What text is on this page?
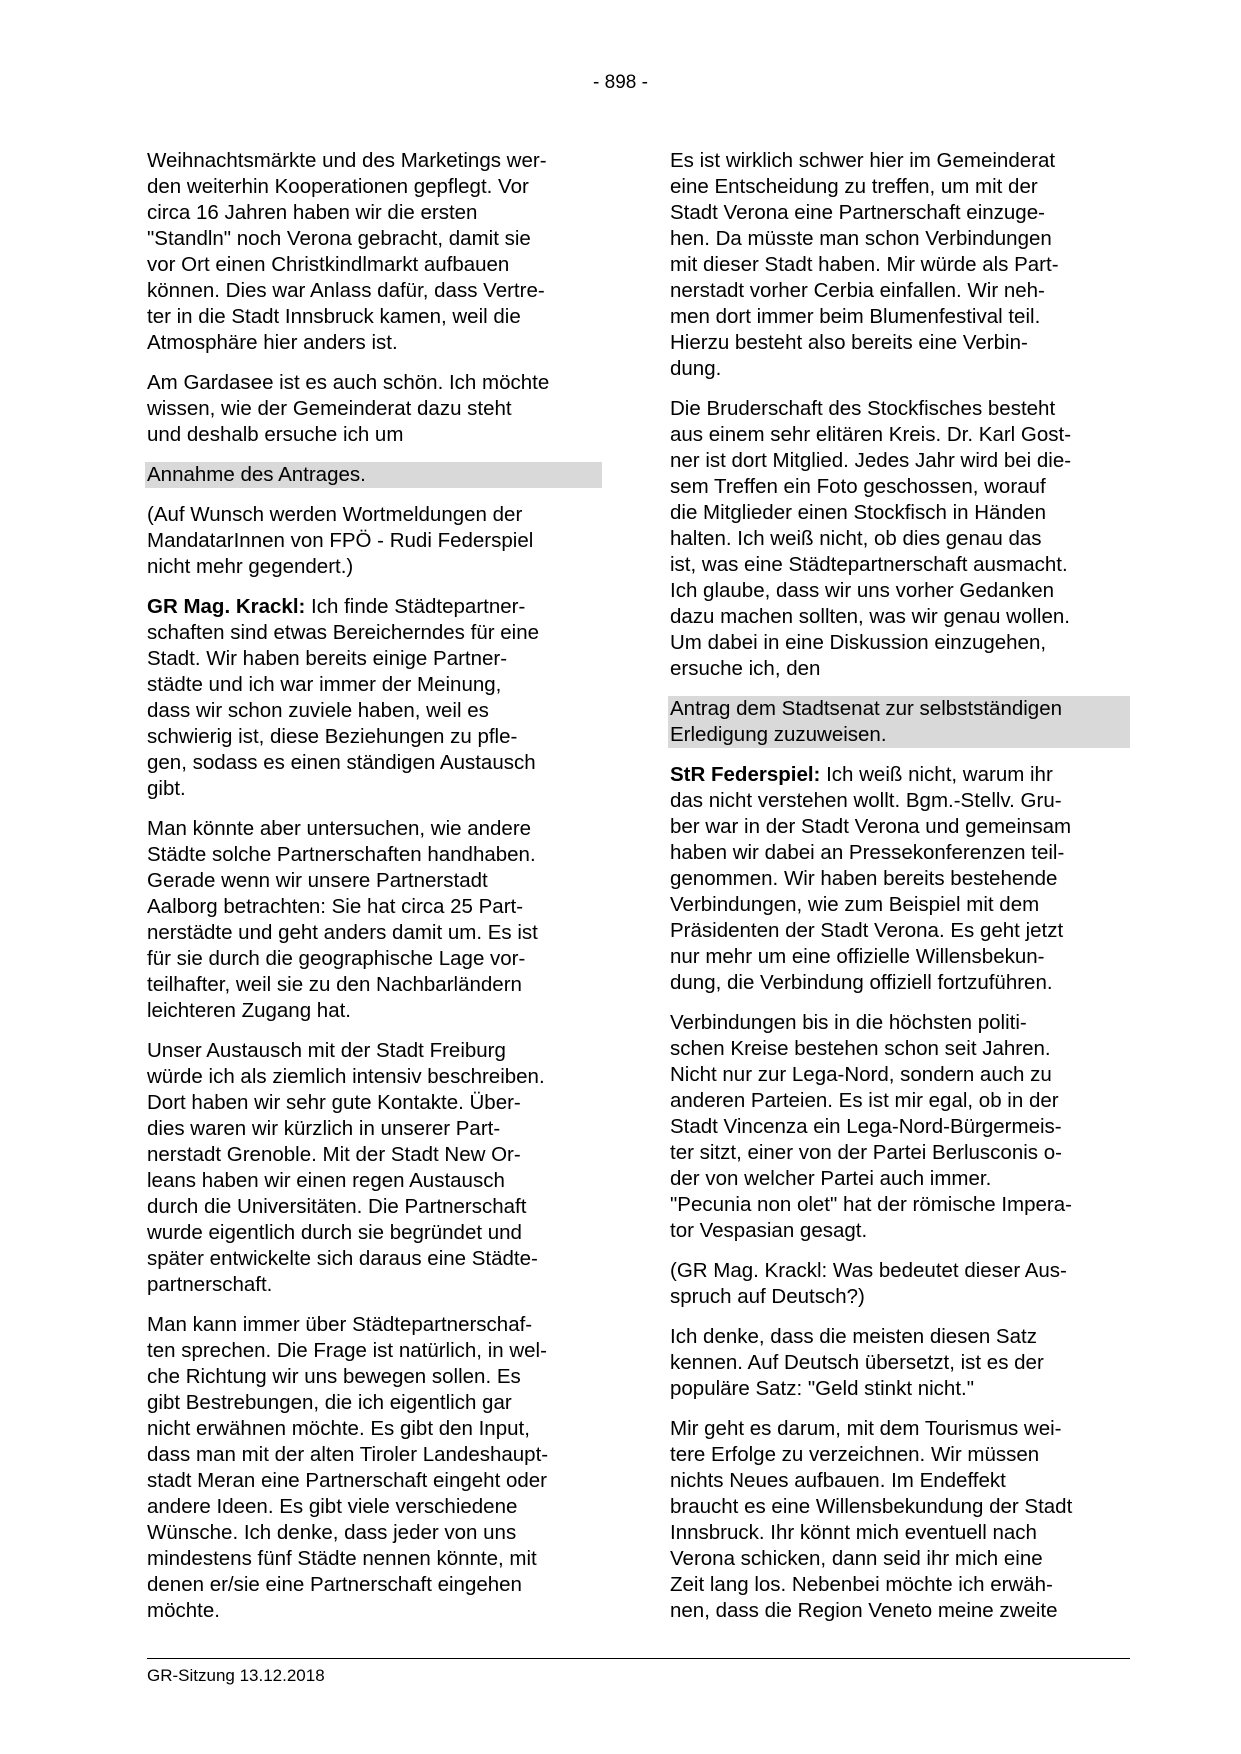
- 898 -

Weihnachtsmärkte und des Marketings wer-
den weiterhin Kooperationen gepflegt. Vor
circa 16 Jahren haben wir die ersten
"Standln" noch Verona gebracht, damit sie
vor Ort einen Christkindlmarkt aufbauen
können. Dies war Anlass dafür, dass Vertre-
ter in die Stadt Innsbruck kamen, weil die
Atmosphäre hier anders ist.

Am Gardasee ist es auch schön. Ich möchte
wissen, wie der Gemeinderat dazu steht
und deshalb ersuche ich um

Annahme des Antrages.

(Auf Wunsch werden Wortmeldungen der
MandatarInnen von FPÖ - Rudi Federspiel
nicht mehr gegendert.)

GR Mag. Krackl: Ich finde Städtepartner-
schaften sind etwas Bereicherndes für eine
Stadt. Wir haben bereits einige Partner-
städte und ich war immer der Meinung,
dass wir schon zuviele haben, weil es
schwierig ist, diese Beziehungen zu pfle-
gen, sodass es einen ständigen Austausch
gibt.

Man könnte aber untersuchen, wie andere
Städte solche Partnerschaften handhaben.
Gerade wenn wir unsere Partnerstadt
Aalborg betrachten: Sie hat circa 25 Part-
nerstädte und geht anders damit um. Es ist
für sie durch die geographische Lage vor-
teilhafter, weil sie zu den Nachbarländern
leichteren Zugang hat.

Unser Austausch mit der Stadt Freiburg
würde ich als ziemlich intensiv beschreiben.
Dort haben wir sehr gute Kontakte. Über-
dies waren wir kürzlich in unserer Part-
nerstadt Grenoble. Mit der Stadt New Or-
leans haben wir einen regen Austausch
durch die Universitäten. Die Partnerschaft
wurde eigentlich durch sie begründet und
später entwickelte sich daraus eine Städte-
partnerschaft.

Man kann immer über Städtepartnerschaf-
ten sprechen. Die Frage ist natürlich, in wel-
che Richtung wir uns bewegen sollen. Es
gibt Bestrebungen, die ich eigentlich gar
nicht erwähnen möchte. Es gibt den Input,
dass man mit der alten Tiroler Landeshaupt-
stadt Meran eine Partnerschaft eingeht oder
andere Ideen. Es gibt viele verschiedene
Wünsche. Ich denke, dass jeder von uns
mindestens fünf Städte nennen könnte, mit
denen er/sie eine Partnerschaft eingehen
möchte.

Es ist wirklich schwer hier im Gemeinderat
eine Entscheidung zu treffen, um mit der
Stadt Verona eine Partnerschaft einzuge-
hen. Da müsste man schon Verbindungen
mit dieser Stadt haben. Mir würde als Part-
nerstadt vorher Cerbia einfallen. Wir neh-
men dort immer beim Blumenfestival teil.
Hierzu besteht also bereits eine Verbin-
dung.

Die Bruderschaft des Stockfisches besteht
aus einem sehr elitären Kreis. Dr. Karl Gost-
ner ist dort Mitglied. Jedes Jahr wird bei die-
sem Treffen ein Foto geschossen, worauf
die Mitglieder einen Stockfisch in Händen
halten. Ich weiß nicht, ob dies genau das
ist, was eine Städtepartnerschaft ausmacht.
Ich glaube, dass wir uns vorher Gedanken
dazu machen sollten, was wir genau wollen.
Um dabei in eine Diskussion einzugehen,
ersuche ich, den

Antrag dem Stadtsenat zur selbstständigen
Erledigung zuzuweisen.

StR Federspiel: Ich weiß nicht, warum ihr
das nicht verstehen wollt. Bgm.-Stellv. Gru-
ber war in der Stadt Verona und gemeinsam
haben wir dabei an Pressekonferenzen teil-
genommen. Wir haben bereits bestehende
Verbindungen, wie zum Beispiel mit dem
Präsidenten der Stadt Verona. Es geht jetzt
nur mehr um eine offizielle Willensbekun-
dung, die Verbindung offiziell fortzuführen.

Verbindungen bis in die höchsten politi-
schen Kreise bestehen schon seit Jahren.
Nicht nur zur Lega-Nord, sondern auch zu
anderen Parteien. Es ist mir egal, ob in der
Stadt Vincenza ein Lega-Nord-Bürgermeis-
ter sitzt, einer von der Partei Berlusconis o-
der von welcher Partei auch immer.
"Pecunia non olet" hat der römische Impera-
tor Vespasian gesagt.

(GR Mag. Krackl: Was bedeutet dieser Aus-
spruch auf Deutsch?)

Ich denke, dass die meisten diesen Satz
kennen. Auf Deutsch übersetzt, ist es der
populäre Satz: "Geld stinkt nicht."

Mir geht es darum, mit dem Tourismus wei-
tere Erfolge zu verzeichnen. Wir müssen
nichts Neues aufbauen. Im Endeffekt
braucht es eine Willensbekundung der Stadt
Innsbruck. Ihr könnt mich eventuell nach
Verona schicken, dann seid ihr mich eine
Zeit lang los. Nebenbei möchte ich erwäh-
nen, dass die Region Veneto meine zweite

GR-Sitzung 13.12.2018
